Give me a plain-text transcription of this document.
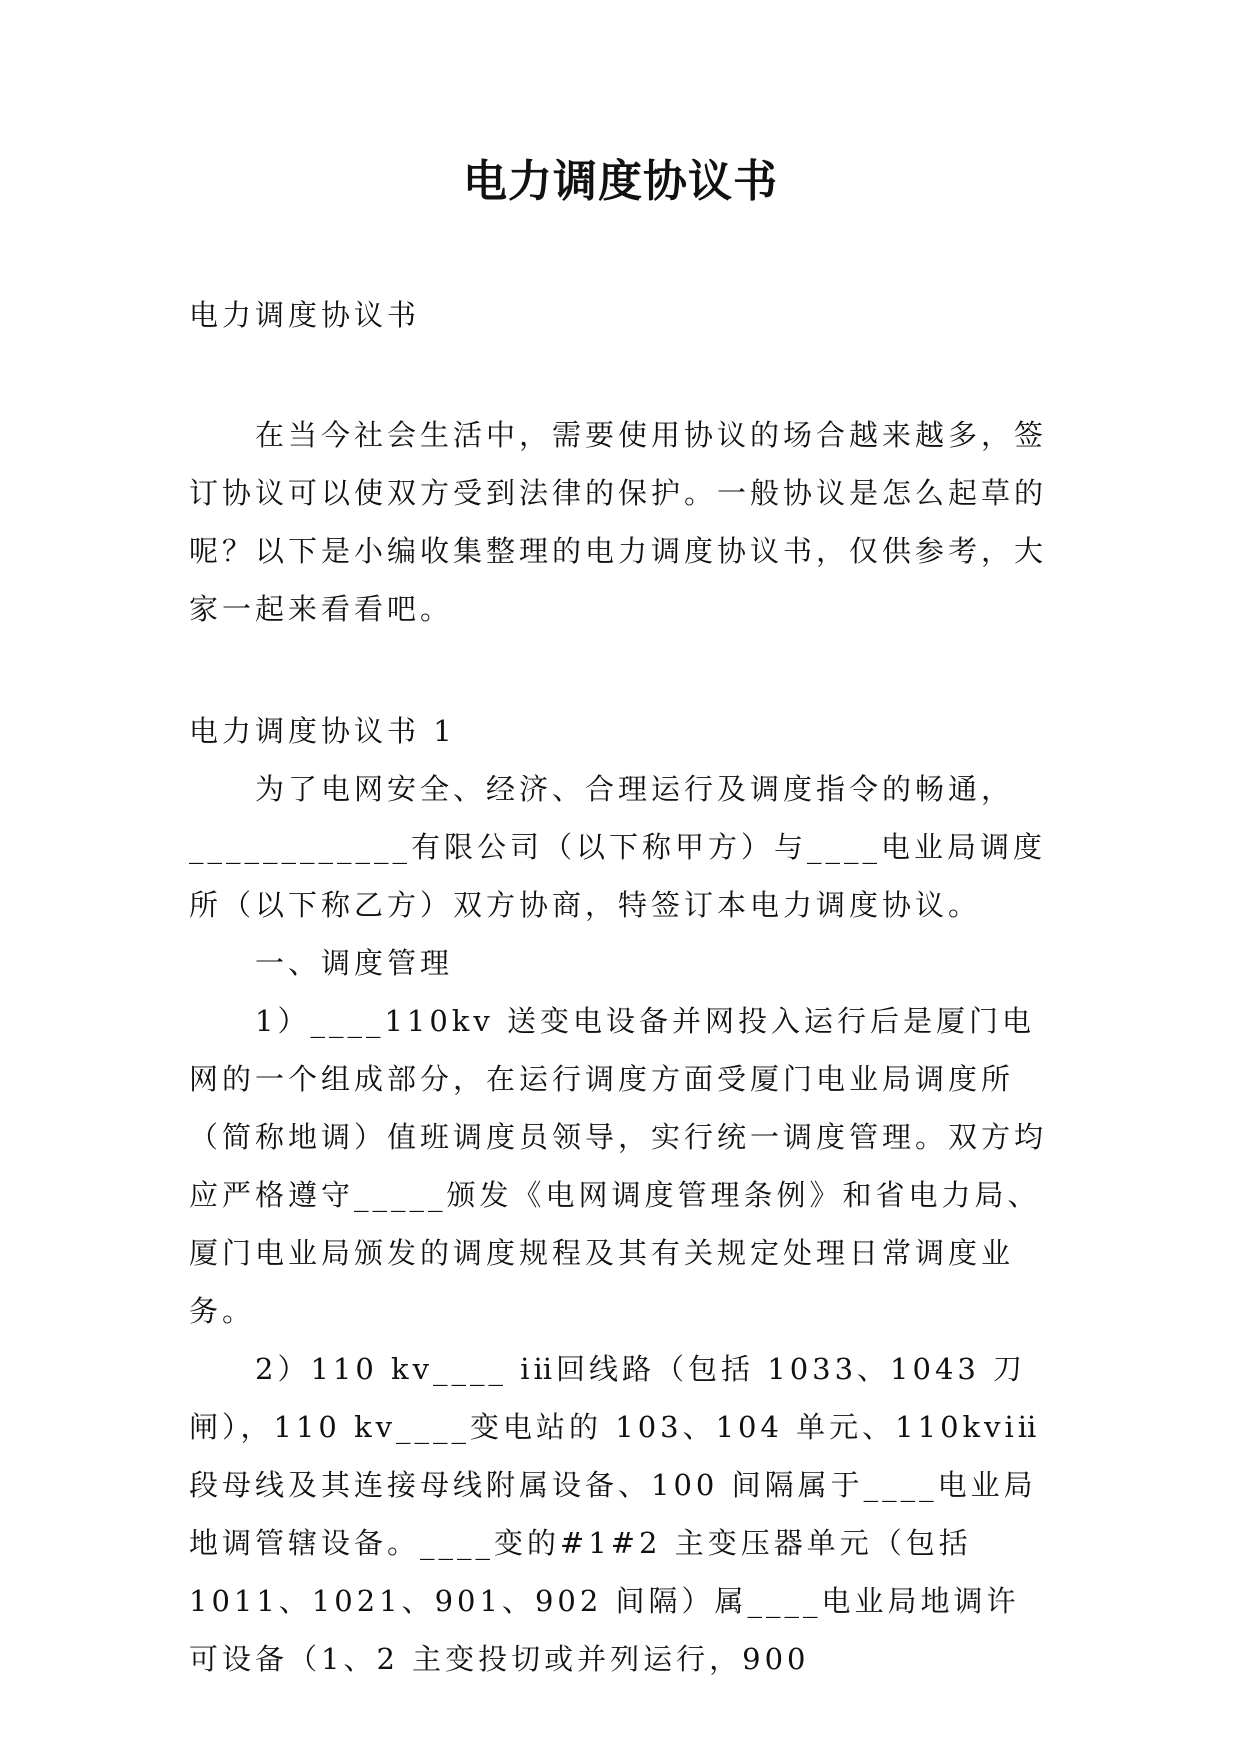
电力调度协议书
电力调度协议书
在当今社会生活中，需要使用协议的场合越来越多，签订协议可以使双方受到法律的保护。一般协议是怎么起草的呢？以下是小编收集整理的电力调度协议书，仅供参考，大家一起来看看吧。

电力调度协议书 1

为了电网安全、经济、合理运行及调度指令的畅通，____________有限公司（以下称甲方）与____电业局调度所（以下称乙方）双方协商，特签订本电力调度协议。

一、调度管理

1）____110kv 送变电设备并网投入运行后是厦门电网的一个组成部分，在运行调度方面受厦门电业局调度所（简称地调）值班调度员领导，实行统一调度管理。双方均应严格遵守_____颁发《电网调度管理条例》和省电力局、厦门电业局颁发的调度规程及其有关规定处理日常调度业务。

2）110 kv____ ⅰⅱ回线路（包括 1033、1043 刀闸），110 kv____变电站的 103、104 单元、110kvⅰⅱ段母线及其连接母线附属设备、100 间隔属于____电业局地调管辖设备。____变的#1#2 主变压器单元（包括 1011、1021、901、902 间隔）属____电业局地调许可设备（1、2 主变投切或并列运行，900
